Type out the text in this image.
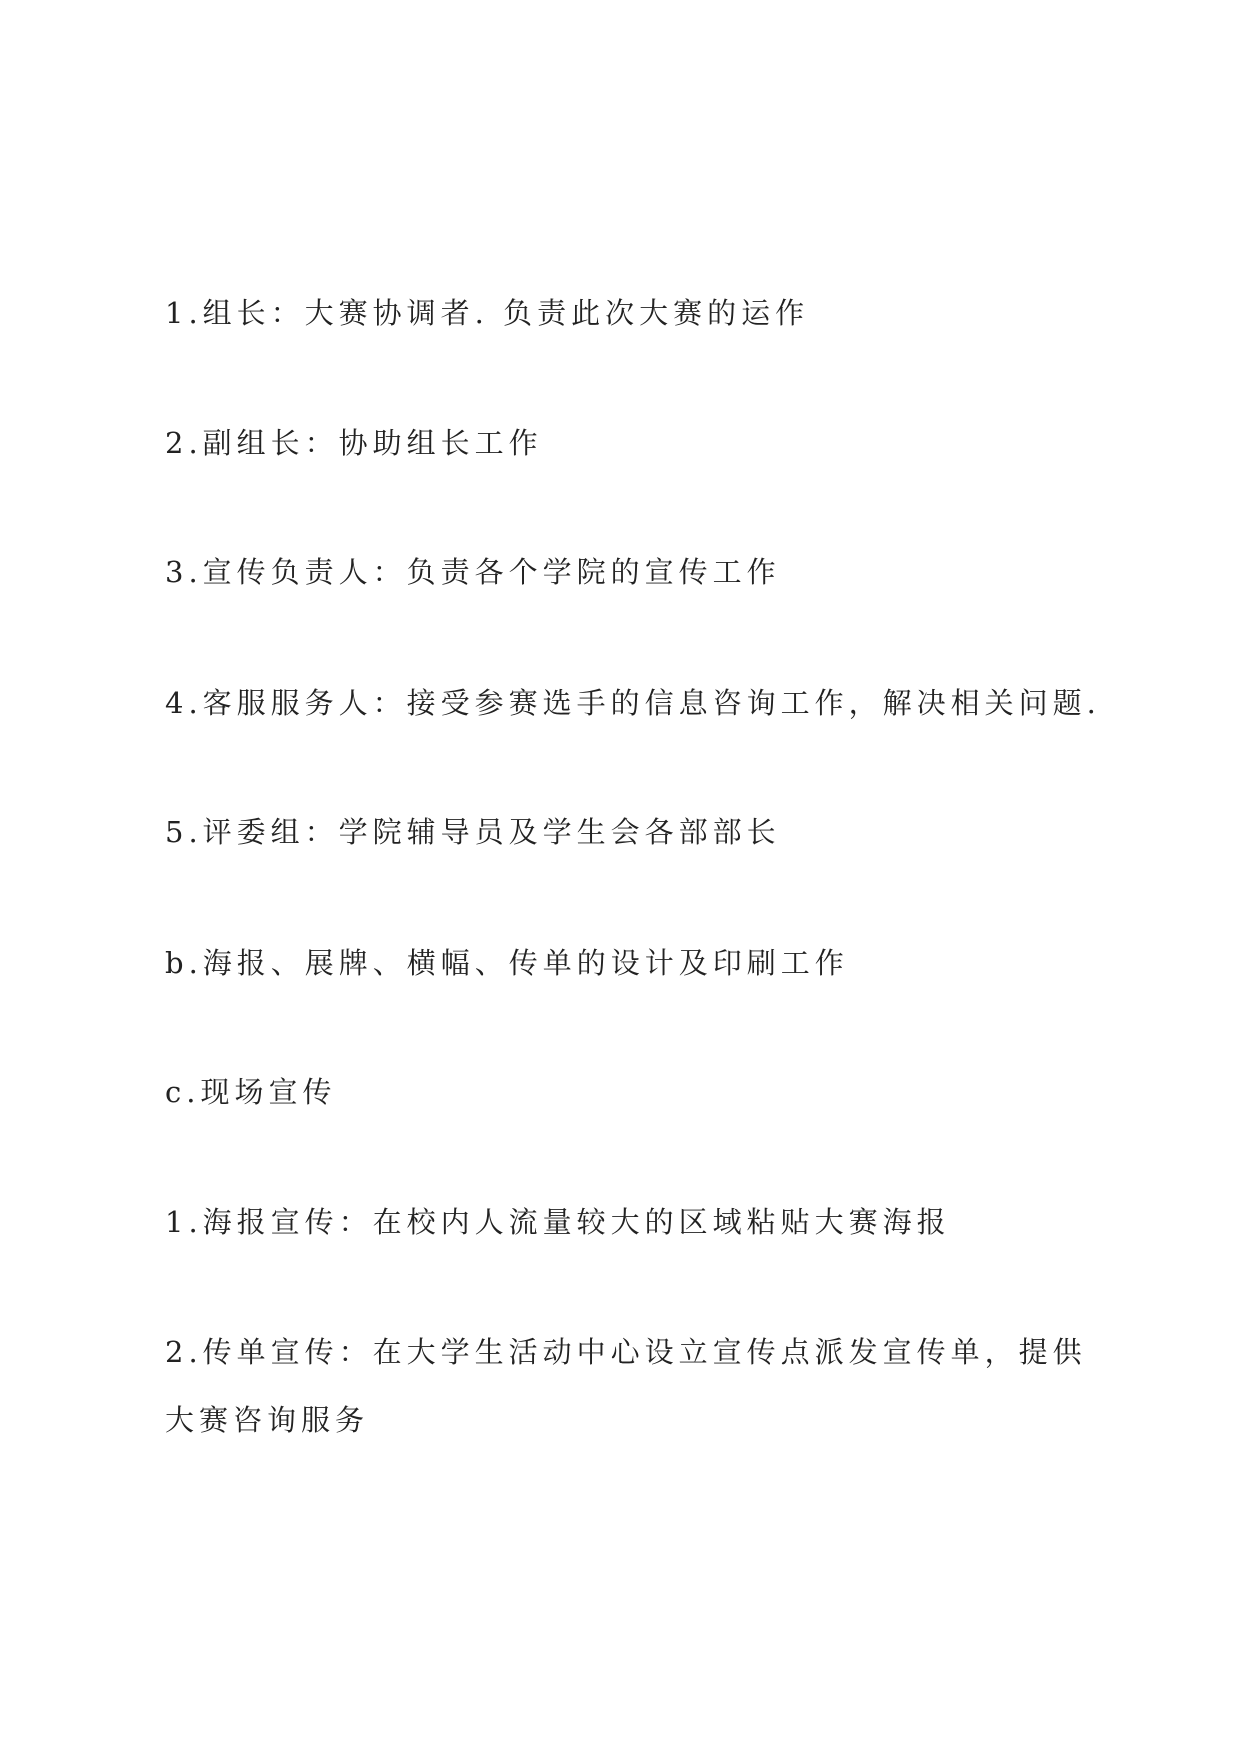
1.组长：大赛协调者. 负责此次大赛的运作
2.副组长：协助组长工作
3.宣传负责人：负责各个学院的宣传工作
4.客服服务人：接受参赛选手的信息咨询工作，解决相关问题.
5.评委组：学院辅导员及学生会各部部长
b.海报、展牌、横幅、传单的设计及印刷工作
c.现场宣传
1.海报宣传：在校内人流量较大的区域粘贴大赛海报
2.传单宣传：在大学生活动中心设立宣传点派发宣传单，提供大赛咨询服务
